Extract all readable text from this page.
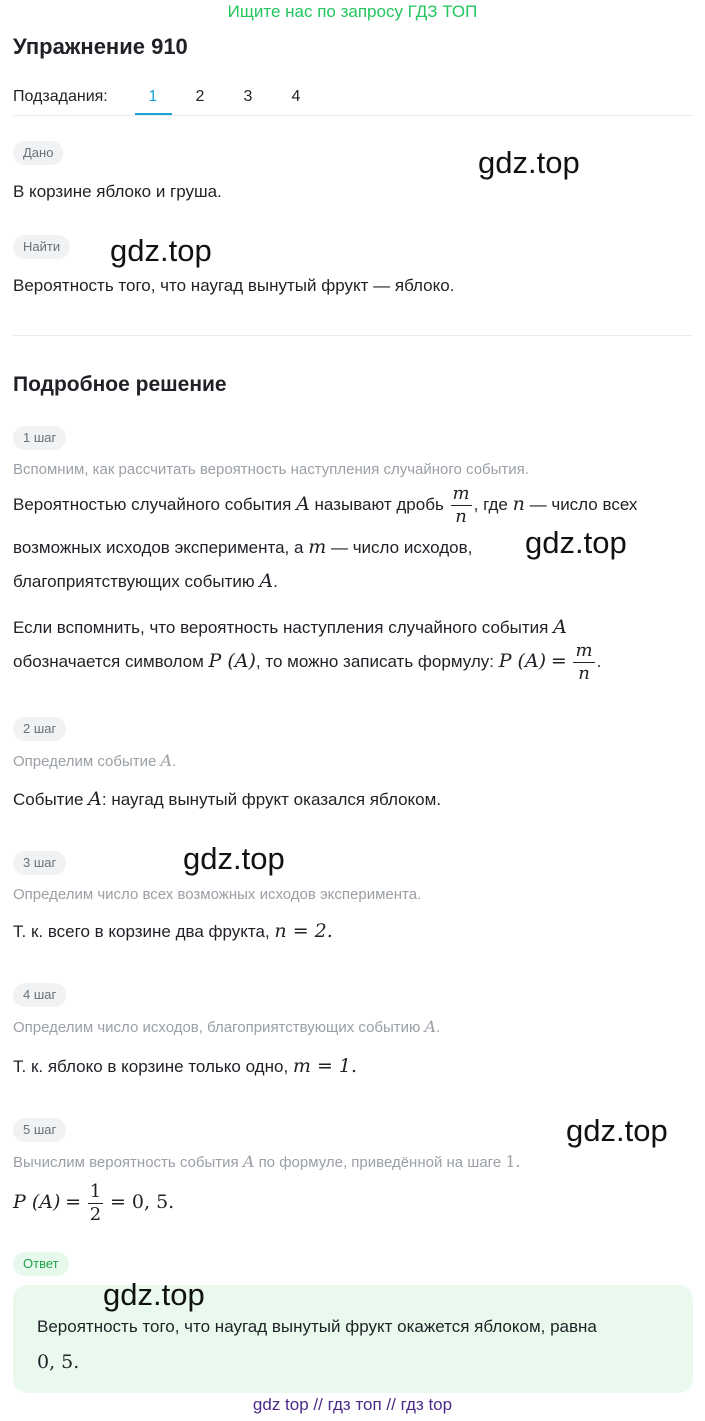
Ищите нас по запросу ГДЗ ТОП
Упражнение 910
Подзадания:	1	2	3	4
Дано
В корзине яблоко и груша.
Найти
Вероятность того, что наугад вынутый фрукт — яблоко.
Подробное решение
1 шаг
Вспомним, как рассчитать вероятность наступления случайного события.
Вероятностью случайного события A называют дробь $\frac{m}{n}$ , где n — число всех
возможных исходов эксперимента, а m — число исходов,
благоприятствующих событию A.
Если вспомнить, что вероятность наступления случайного события A
обозначается символом P (A), то можно записать формулу: P $(A) = \frac{m}{n}$ .
2 шаг
Определим событие A.
Событие A: наугад вынутый фрукт оказался яблоком.
3 шаг
Определим число всех возможных исходов эксперимента.
Т. к. всего в корзине два фрукта, n = 2.
4 шаг
Определим число исходов, благоприятствующих событию A.
Т. к. яблоко в корзине только одно, m = 1.
5 шаг
Вычислим вероятность события A по формуле, приведённой на шаге 1.
P $(A) = \frac{1}{2} = 0$, 5.
Ответ
Вероятность того, что наугад вынутый фрукт окажется яблоком, равна
0, 5.
gdz.top
gdz.top
gdz.top
gdz.top
gdz.top
gdz.top
gdz top // гдз топ // гдз top
